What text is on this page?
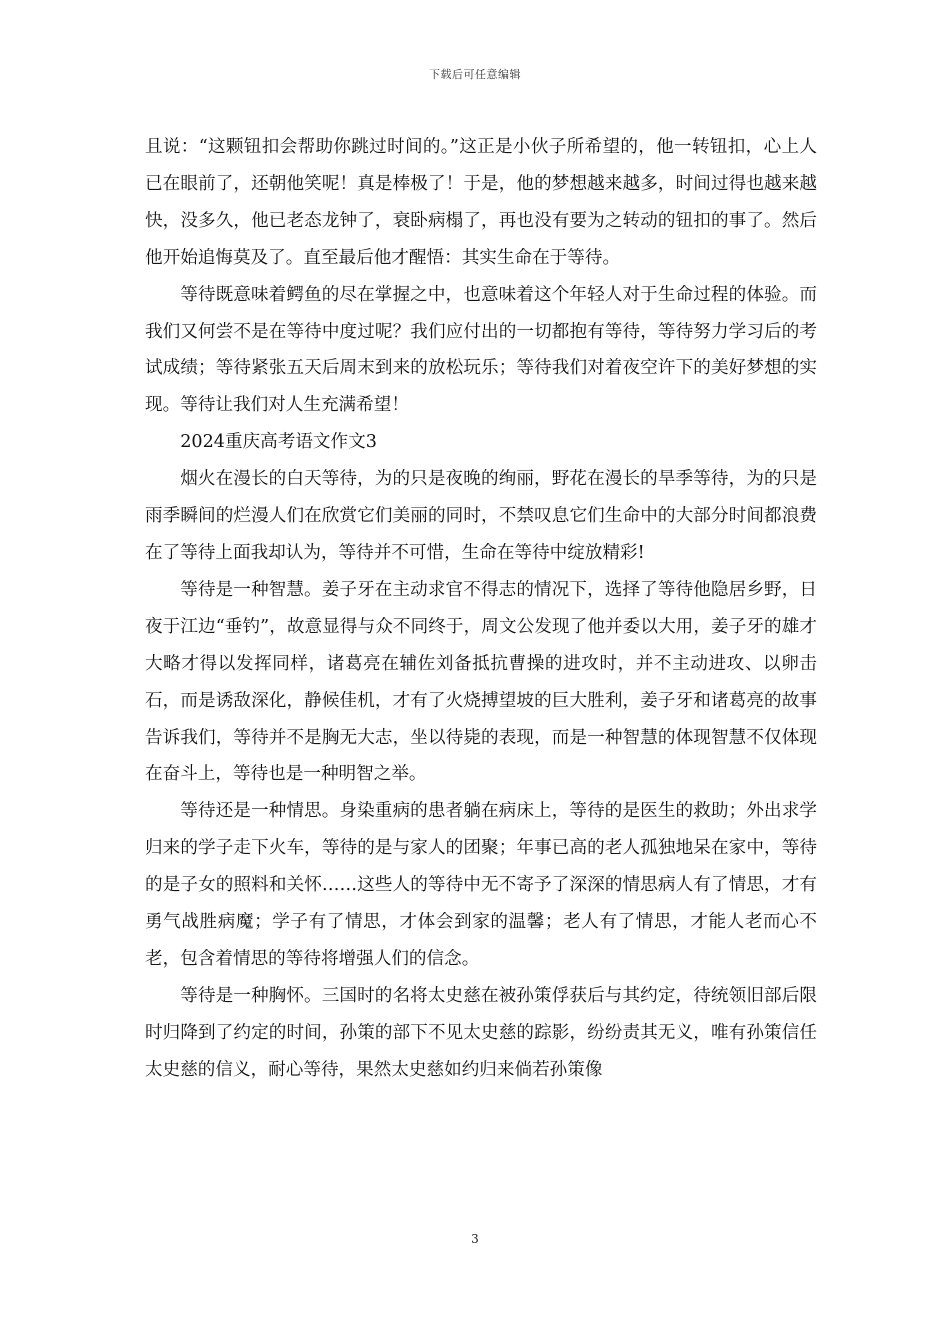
下载后可任意编辑

且说：“这颗钮扣会帮助你跳过时间的。”这正是小伙子所希望的，他一转钮扣，心上人已在眼前了，还朝他笑呢！真是棒极了！于是，他的梦想越来越多，时间过得也越来越快，没多久，他已老态龙钟了，衰卧病榻了，再也没有要为之转动的钮扣的事了。然后他开始追悔莫及了。直至最后他才醒悟：其实生命在于等待。

等待既意味着鳄鱼的尽在掌握之中，也意味着这个年轻人对于生命过程的体验。而我们又何尝不是在等待中度过呢？我们应付出的一切都抱有等待，等待努力学习后的考试成绩；等待紧张五天后周末到来的放松玩乐；等待我们对着夜空许下的美好梦想的实现。等待让我们对人生充满希望！

2024重庆高考语文作文3

烟火在漫长的白天等待，为的只是夜晚的绚丽，野花在漫长的旱季等待，为的只是雨季瞬间的烂漫人们在欣赏它们美丽的同时，不禁叹息它们生命中的大部分时间都浪费在了等待上面我却认为，等待并不可惜，生命在等待中绽放精彩!

等待是一种智慧。姜子牙在主动求官不得志的情况下，选择了等待他隐居乡野，日夜于江边“垂钓”，故意显得与众不同终于，周文公发现了他并委以大用，姜子牙的雄才大略才得以发挥同样，诸葛亮在辅佐刘备抵抗曹操的进攻时，并不主动进攻、以卵击石，而是诱敌深化，静候佳机，才有了火烧搏望坡的巨大胜利，姜子牙和诸葛亮的故事告诉我们，等待并不是胸无大志，坐以待毙的表现，而是一种智慧的体现智慧不仅体现在奋斗上，等待也是一种明智之举。

等待还是一种情思。身染重病的患者躺在病床上，等待的是医生的救助；外出求学归来的学子走下火车，等待的是与家人的团聚；年事已高的老人孤独地呆在家中，等待的是子女的照料和关怀……这些人的等待中无不寄予了深深的情思病人有了情思，才有勇气战胜病魔；学子有了情思，才体会到家的温馨；老人有了情思，才能人老而心不老，包含着情思的等待将增强人们的信念。

等待是一种胸怀。三国时的名将太史慈在被孙策俘获后与其约定，待统领旧部后限时归降到了约定的时间，孙策的部下不见太史慈的踪影，纷纷责其无义，唯有孙策信任太史慈的信义，耐心等待，果然太史慈如约归来倘若孙策像

3
